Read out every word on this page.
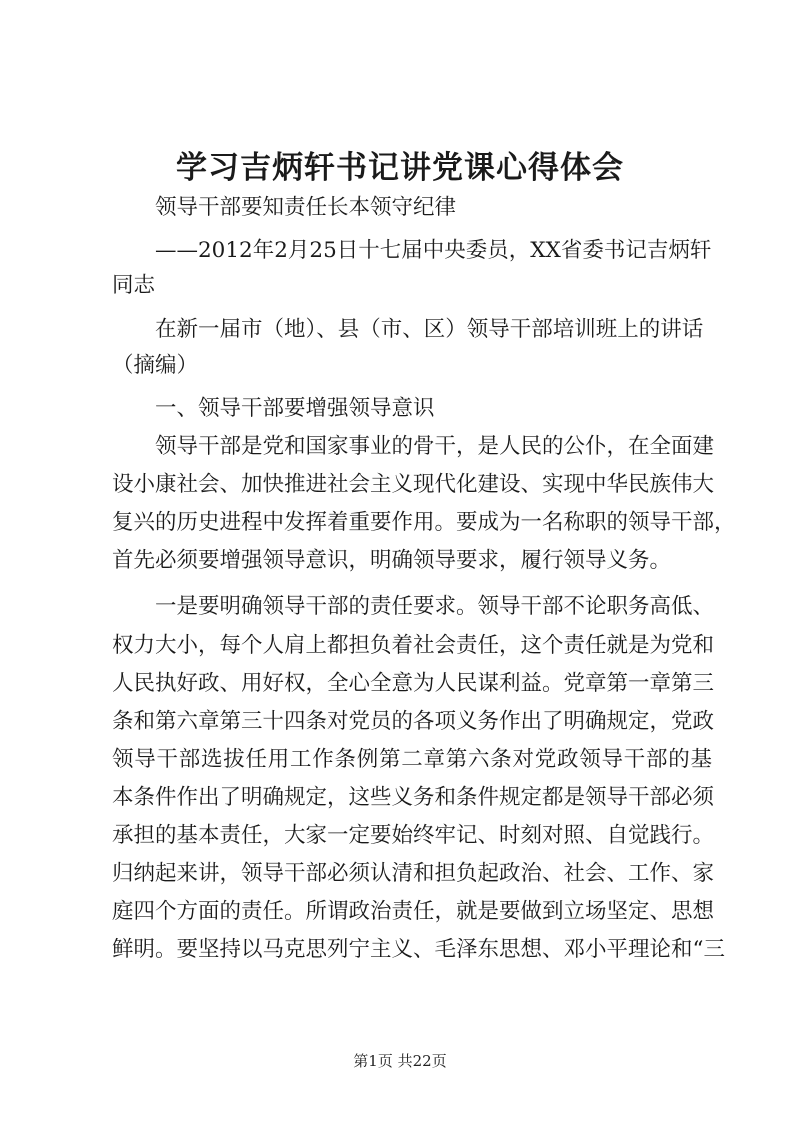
学习吉炳轩书记讲党课心得体会
　　领导干部要知责任长本领守纪律
　　——2012年2月25日十七届中央委员，XX省委书记吉炳轩
同志
　　在新一届市（地）、县（市、区）领导干部培训班上的讲话
（摘编）
　　一、领导干部要增强领导意识
　　领导干部是党和国家事业的骨干，是人民的公仆，在全面建
设小康社会、加快推进社会主义现代化建设、实现中华民族伟大
复兴的历史进程中发挥着重要作用。要成为一名称职的领导干部，
首先必须要增强领导意识，明确领导要求，履行领导义务。
　　一是要明确领导干部的责任要求。领导干部不论职务高低、
权力大小，每个人肩上都担负着社会责任，这个责任就是为党和
人民执好政、用好权，全心全意为人民谋利益。党章第一章第三
条和第六章第三十四条对党员的各项义务作出了明确规定，党政
领导干部选拔任用工作条例第二章第六条对党政领导干部的基
本条件作出了明确规定，这些义务和条件规定都是领导干部必须
承担的基本责任，大家一定要始终牢记、时刻对照、自觉践行。
归纳起来讲，领导干部必须认清和担负起政治、社会、工作、家
庭四个方面的责任。所谓政治责任，就是要做到立场坚定、思想
鲜明。要坚持以马克思列宁主义、毛泽东思想、邓小平理论和“三
第1页 共22页
